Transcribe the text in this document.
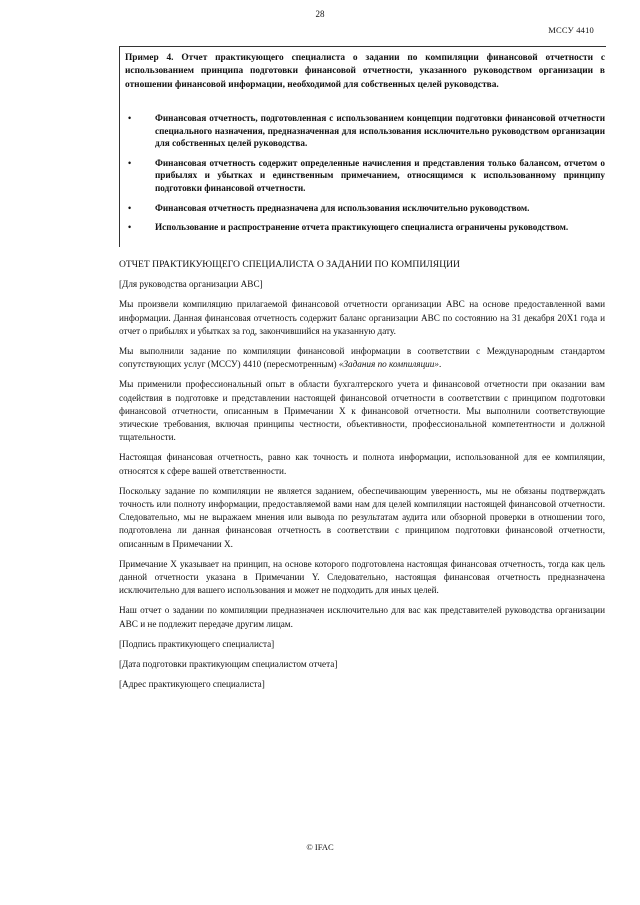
28
МССУ 4410

Пример 4. Отчет практикующего специалиста о задании по компиляции финансовой отчетности с использованием принципа подготовки финансовой отчетности, указанного руководством организации в отношении финансовой информации, необходимой для собственных целей руководства.

•	Финансовая отчетность, подготовленная с использованием концепции подготовки финансовой отчетности специального назначения, предназначенная для использования исключительно руководством организации для собственных целей руководства.
•	Финансовая отчетность содержит определенные начисления и представления только балансом, отчетом о прибылях и убытках и единственным примечанием, относящимся к использованному принципу подготовки финансовой отчетности.
•	Финансовая отчетность предназначена для использования исключительно руководством.
•	Использование и распространение отчета практикующего специалиста ограничены руководством.

ОТЧЕТ ПРАКТИКУЮЩЕГО СПЕЦИАЛИСТА О ЗАДАНИИ ПО КОМПИЛЯЦИИ

[Для руководства организации ABC]

Мы произвели компиляцию прилагаемой финансовой отчетности организации ABC на основе предоставленной вами информации. Данная финансовая отчетность содержит баланс организации ABC по состоянию на 31 декабря 20X1 года и отчет о прибылях и убытках за год, закончившийся на указанную дату.

Мы выполнили задание по компиляции финансовой информации в соответствии с Международным стандартом сопутствующих услуг (МССУ) 4410 (пересмотренным) «Задания по компиляции».

Мы применили профессиональный опыт в области бухгалтерского учета и финансовой отчетности при оказании вам содействия в подготовке и представлении настоящей финансовой отчетности в соответствии с принципом подготовки финансовой отчетности, описанным в Примечании X к финансовой отчетности. Мы выполнили соответствующие этические требования, включая принципы честности, объективности, профессиональной компетентности и должной тщательности.

Настоящая финансовая отчетность, равно как точность и полнота информации, использованной для ее компиляции, относятся к сфере вашей ответственности.

Поскольку задание по компиляции не является заданием, обеспечивающим уверенность, мы не обязаны подтверждать точность или полноту информации, предоставляемой вами нам для целей компиляции настоящей финансовой отчетности. Следовательно, мы не выражаем мнения или вывода по результатам аудита или обзорной проверки в отношении того, подготовлена ли данная финансовая отчетность в соответствии с принципом подготовки финансовой отчетности, описанным в Примечании X.

Примечание X указывает на принцип, на основе которого подготовлена настоящая финансовая отчетность, тогда как цель данной отчетности указана в Примечании Y. Следовательно, настоящая финансовая отчетность предназначена исключительно для вашего использования и может не подходить для иных целей.

Наш отчет о задании по компиляции предназначен исключительно для вас как представителей руководства организации ABC и не подлежит передаче другим лицам.

[Подпись практикующего специалиста]

[Дата подготовки практикующим специалистом отчета]

[Адрес практикующего специалиста]

© IFAC
